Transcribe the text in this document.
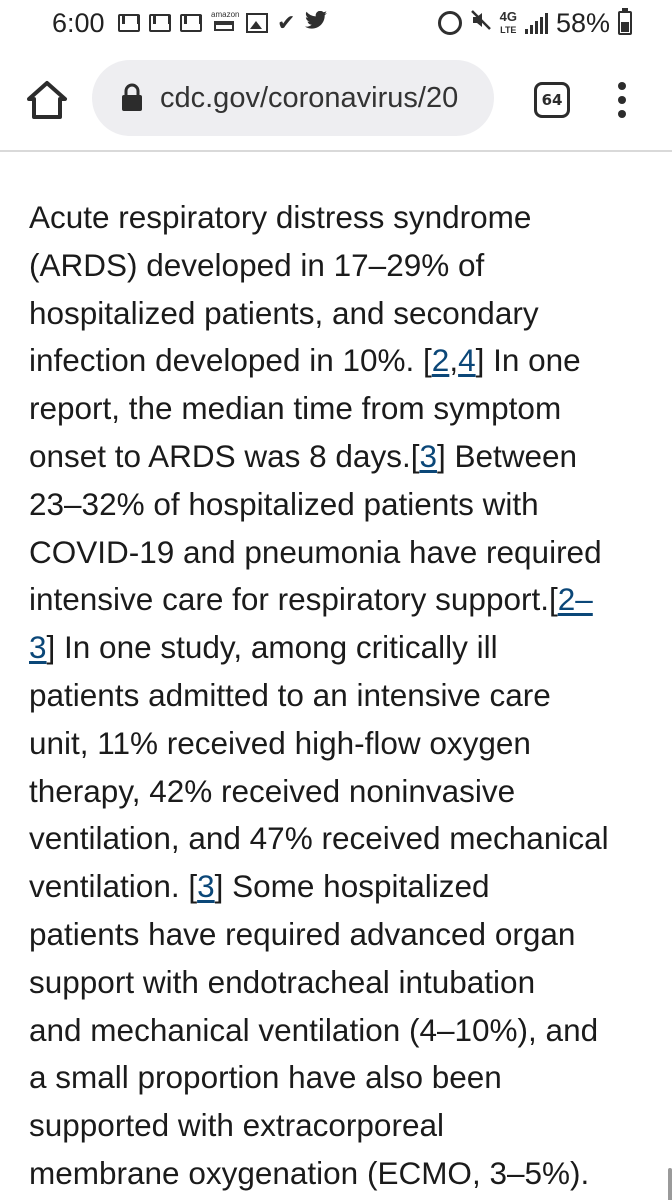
6:00	amazon ✔	4G
LTE 58%
cdc.gov/coronavirus/20	64

Acute respiratory distress syndrome
(ARDS) developed in 17–29% of
hospitalized patients, and secondary
infection developed in 10%. [2,4] In one
report, the median time from symptom
onset to ARDS was 8 days.[3] Between
23–32% of hospitalized patients with
COVID-19 and pneumonia have required
intensive care for respiratory support.[2–
3] In one study, among critically ill
patients admitted to an intensive care
unit, 11% received high-flow oxygen
therapy, 42% received noninvasive
ventilation, and 47% received mechanical
ventilation. [3] Some hospitalized
patients have required advanced organ
support with endotracheal intubation
and mechanical ventilation (4–10%), and
a small proportion have also been
supported with extracorporeal
membrane oxygenation (ECMO, 3–5%).
